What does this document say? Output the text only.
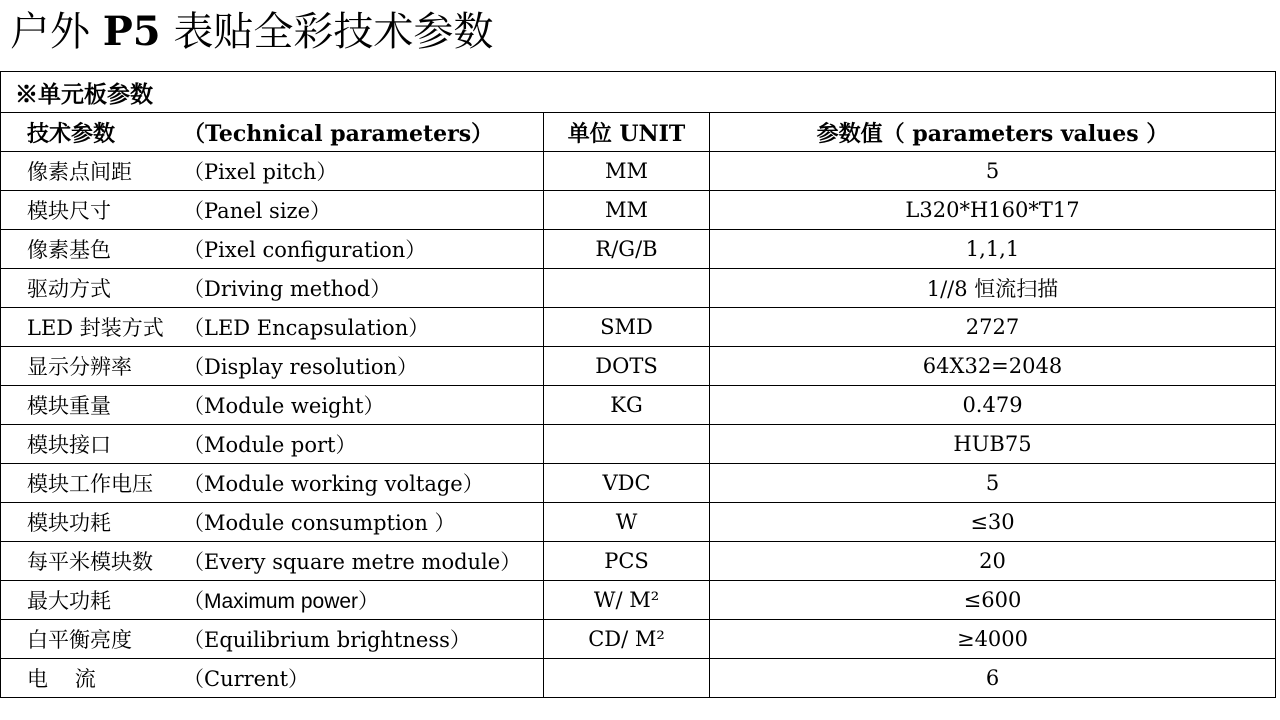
户外 P5 表贴全彩技术参数
※单元板参数		
技术参数 （Technical parameters）	单位 UNIT	参数值（ parameters values ）
像素点间距 （Pixel pitch）	MM	5
模块尺寸 （Panel size）	MM	L320*H160*T17
像素基色 （Pixel configuration）	R/G/B	1,1,1
驱动方式 （Driving method）		1//8 恒流扫描
LED 封装方式 （LED Encapsulation）	SMD	2727
显示分辨率 （Display resolution）	DOTS	64X32=2048
模块重量 （Module weight）	KG	0.479
模块接口 （Module port）		HUB75
模块工作电压 （Module working voltage）	VDC	5
模块功耗 （Module consumption ）	W	≤30
每平米模块数 （Every square metre module）	PCS	20
最大功耗 （Maximum power）	W/ M²	≤600
白平衡亮度 （Equilibrium brightness）	CD/ M²	≥4000
电    流 （Current）		6
